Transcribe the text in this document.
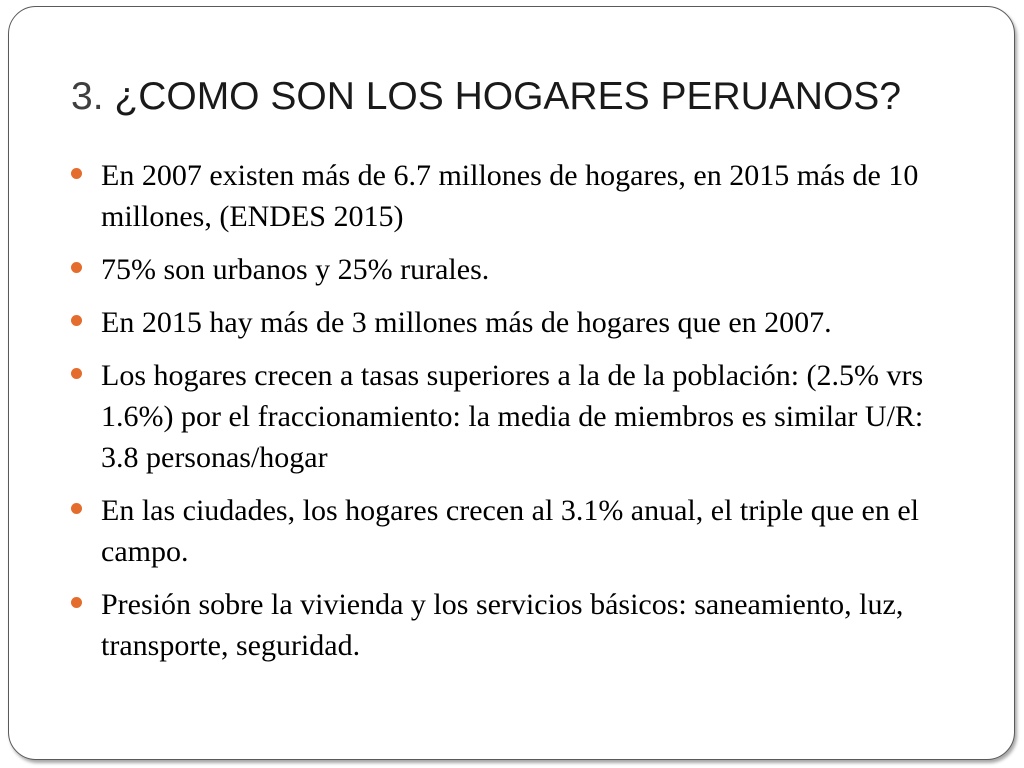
3. ¿COMO SON LOS HOGARES PERUANOS?
En 2007 existen más de 6.7 millones de hogares, en 2015 más de 10 millones, (ENDES 2015)
75% son urbanos y 25% rurales.
En 2015 hay más de 3 millones más de hogares que en 2007.
Los hogares crecen a tasas superiores a la de la población: (2.5% vrs 1.6%) por el fraccionamiento: la media de miembros es similar U/R: 3.8 personas/hogar
En las ciudades, los hogares crecen al 3.1% anual, el triple que en el campo.
Presión sobre la vivienda y los servicios básicos: saneamiento, luz, transporte, seguridad.
